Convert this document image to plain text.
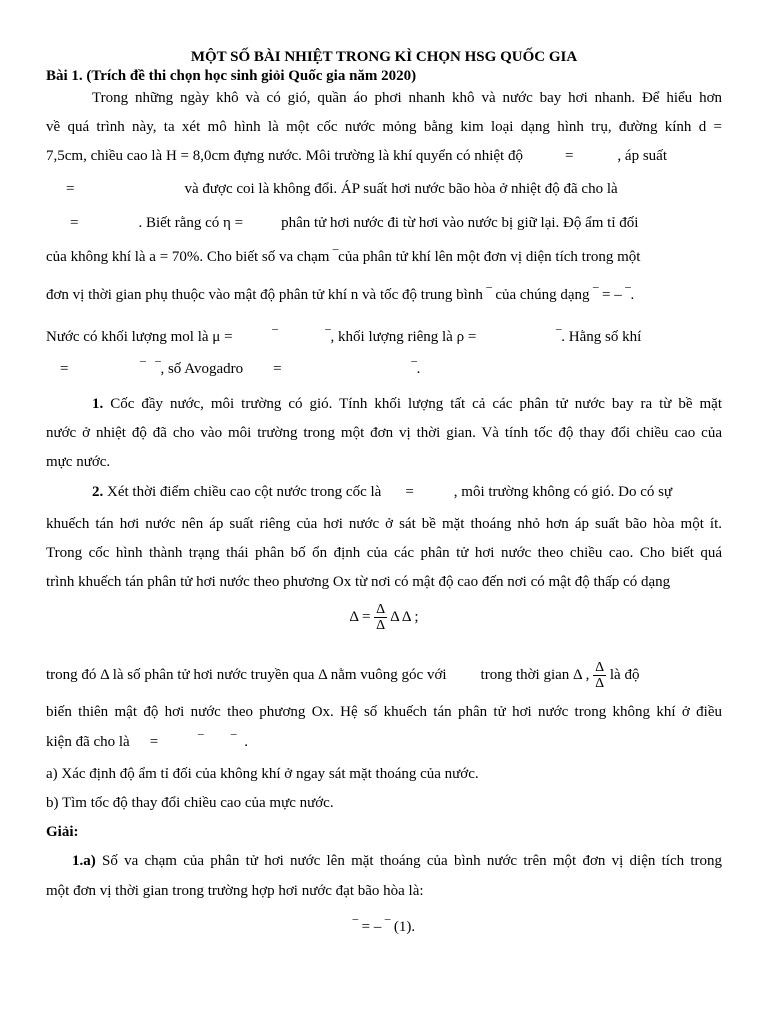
MỘT SỐ BÀI NHIỆT TRONG KÌ CHỌN HSG QUỐC GIA
Bài 1. (Trích đề thi chọn học sinh giỏi Quốc gia năm 2020)
Trong những ngày khô và có gió, quần áo phơi nhanh khô và nước bay hơi nhanh. Để hiểu hơn
về quá trình này, ta xét mô hình là một cốc nước mỏng bằng kim loại dạng hình trụ, đường kính d =
7,5cm, chiều cao là H = 8,0cm đựng nước. Môi trường là khí quyển có nhiệt độ	=	, áp suất
=	và được coi là không đổi. ÁP suất hơi nước bão hòa ở nhiệt độ đã cho là
=	. Biết rằng có η =	phân tử hơi nước đi từ hơi vào nước bị giữ lại. Độ ẩm tỉ đối
của không khí là a = 70%. Cho biết số va chạm ‾của phân tử khí lên một đơn vị diện tích trong một
đơn vị thời gian phụ thuộc vào mật độ phân tử khí n và tốc độ trung bình ‾ của chúng dạng ‾ = – ‾.
Nước có khối lượng mol là μ =	‾	‾, khối lượng riêng là ρ =	‾. Hằng số khí
=	‾ ‾, số Avogadro =	‾.
1. Cốc đầy nước, môi trường có gió. Tính khối lượng tất cả các phân tử nước bay ra từ bề mặt
nước ở nhiệt độ đã cho vào môi trường trong một đơn vị thời gian. Và tính tốc độ thay đổi chiều cao của
mực nước.
2. Xét thời điểm chiều cao cột nước trong cốc là =	, môi trường không có gió. Do có sự
khuếch tán hơi nước nên áp suất riêng của hơi nước ở sát bề mặt thoáng nhỏ hơn áp suất bão hòa một ít.
Trong cốc hình thành trạng thái phân bố ổn định của các phân tử hơi nước theo chiều cao. Cho biết quá
trình khuếch tán phân tử hơi nước theo phương Ox từ nơi có mật độ cao đến nơi có mật độ thấp có dạng
$\Delta = \frac{\Delta}{\Delta}$ Δ Δ ;
trong đó Δ là số phân tử hơi nước truyền qua Δ nằm vuông góc với trong thời gian Δ , $\frac{\Delta}{\Delta}$ là độ
biến thiên mật độ hơi nước theo phương Ox. Hệ số khuếch tán phân tử hơi nước trong không khí ở điều
kiện đã cho là =	‾ ‾ .
a) Xác định độ ẩm tỉ đối của không khí ở ngay sát mặt thoáng của nước.
b) Tìm tốc độ thay đổi chiều cao của mực nước.
Giải:
1.a) Số va chạm của phân tử hơi nước lên mặt thoáng của bình nước trên một đơn vị diện tích trong
một đơn vị thời gian trong trường hợp hơi nước đạt bão hòa là:
‾ = – ‾ (1).
